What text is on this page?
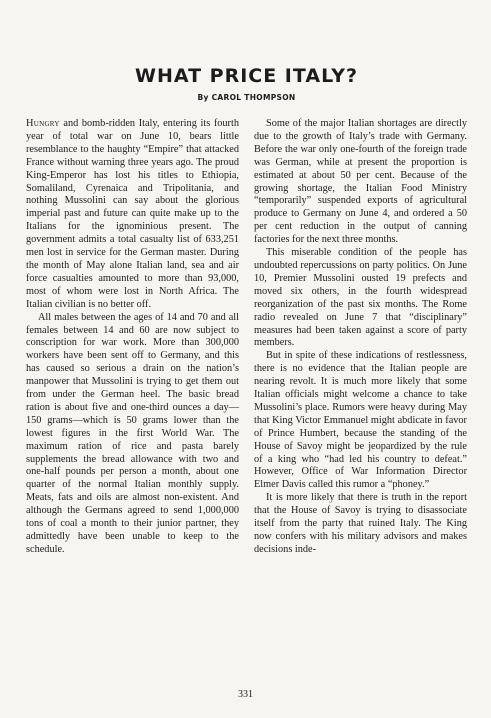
WHAT PRICE ITALY?
By CAROL THOMPSON

Hungry and bomb-ridden Italy, entering its fourth year of total war on June 10, bears little resemblance to the haughty “Empire” that attacked France without warning three years ago. The proud King-Emperor has lost his titles to Ethiopia, Somaliland, Cyrenaica and Tripolitania, and nothing Mussolini can say about the glorious imperial past and future can quite make up to the Italians for the ignominious present. The government admits a total casualty list of 633,251 men lost in service for the German master. During the month of May alone Italian land, sea and air force casualties amounted to more than 93,000, most of whom were lost in North Africa. The Italian civilian is no better off.

All males between the ages of 14 and 70 and all females between 14 and 60 are now subject to conscription for war work. More than 300,000 workers have been sent off to Germany, and this has caused so serious a drain on the nation’s manpower that Mussolini is trying to get them out from under the German heel. The basic bread ration is about five and one-third ounces a day—150 grams—which is 50 grams lower than the lowest figures in the first World War. The maximum ration of rice and pasta barely supplements the bread allowance with two and one-half pounds per person a month, about one quarter of the normal Italian monthly supply. Meats, fats and oils are almost non-existent. And although the Germans agreed to send 1,000,000 tons of coal a month to their junior partner, they admittedly have been unable to keep to the schedule.

Some of the major Italian shortages are directly due to the growth of Italy’s trade with Germany. Before the war only one-fourth of the foreign trade was German, while at present the proportion is estimated at about 50 per cent. Because of the growing shortage, the Italian Food Ministry “temporarily” suspended exports of agricultural produce to Germany on June 4, and ordered a 50 per cent reduction in the output of canning factories for the next three months.

This miserable condition of the people has undoubted repercussions on party politics. On June 10, Premier Mussolini ousted 19 prefects and moved six others, in the fourth widespread reorganization of the past six months. The Rome radio revealed on June 7 that “disciplinary” measures had been taken against a score of party members.

But in spite of these indications of restlessness, there is no evidence that the Italian people are nearing revolt. It is much more likely that some Italian officials might welcome a chance to take Mussolini’s place. Rumors were heavy during May that King Victor Emmanuel might abdicate in favor of Prince Humbert, because the standing of the House of Savoy might be jeopardized by the rule of a king who “had led his country to defeat.” However, Office of War Information Director Elmer Davis called this rumor a “phoney.”

It is more likely that there is truth in the report that the House of Savoy is trying to disassociate itself from the party that ruined Italy. The King now confers with his military advisors and makes decisions inde-

331
